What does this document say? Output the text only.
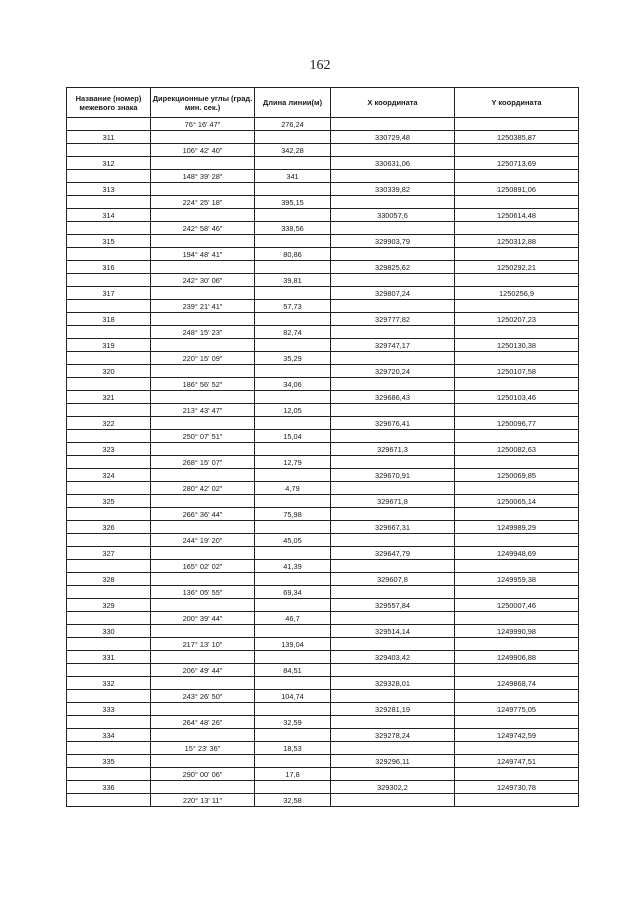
162
Название (номер) межевого знака	Дирекционные углы (град. мин. сек.)	Длина линии(м)	X координата	Y координата
	76° 16' 47"	276,24		
311			330729,48	1250385,87
	106° 42' 40"	342,28		
312			330631,06	1250713,69
	148° 39' 28"	341		
313			330339,82	1250891,06
	224° 25' 18"	395,15		
314			330057,6	1250614,48
	242° 58' 46"	338,56		
315			329903,79	1250312,88
	194° 48' 41"	80,86		
316			329825,62	1250292,21
	242° 30' 06"	39,81		
317			329807,24	1250256,9
	239° 21' 41"	57,73		
318			329777,82	1250207,23
	248° 15' 23"	82,74		
319			329747,17	1250130,38
	220° 15' 09"	35,29		
320			329720,24	1250107,58
	186° 56' 52"	34,06		
321			329686,43	1250103,46
	213° 43' 47"	12,05		
322			329676,41	1250096,77
	250° 07' 51"	15,04		
323			329671,3	1250082,63
	268° 15' 07"	12,79		
324			329670,91	1250069,85
	280° 42' 02"	4,79		
325			329671,8	1250065,14
	266° 36' 44"	75,98		
326			329667,31	1249989,29
	244° 19' 20"	45,05		
327			329647,79	1249948,69
	165° 02' 02"	41,39		
328			329607,8	1249959,38
	136° 05' 55"	69,34		
329			329557,84	1250007,46
	200° 39' 44"	46,7		
330			329514,14	1249990,98
	217° 13' 10"	139,04		
331			329403,42	1249906,88
	206° 49' 44"	84,51		
332			329328,01	1249868,74
	243° 26' 50"	104,74		
333			329281,19	1249775,05
	264° 48' 26"	32,59		
334			329278,24	1249742,59
	15° 23' 36"	18,53		
335			329296,11	1249747,51
	290° 00' 06"	17,8		
336			329302,2	1249730,78
	220° 13' 11"	32,58		
